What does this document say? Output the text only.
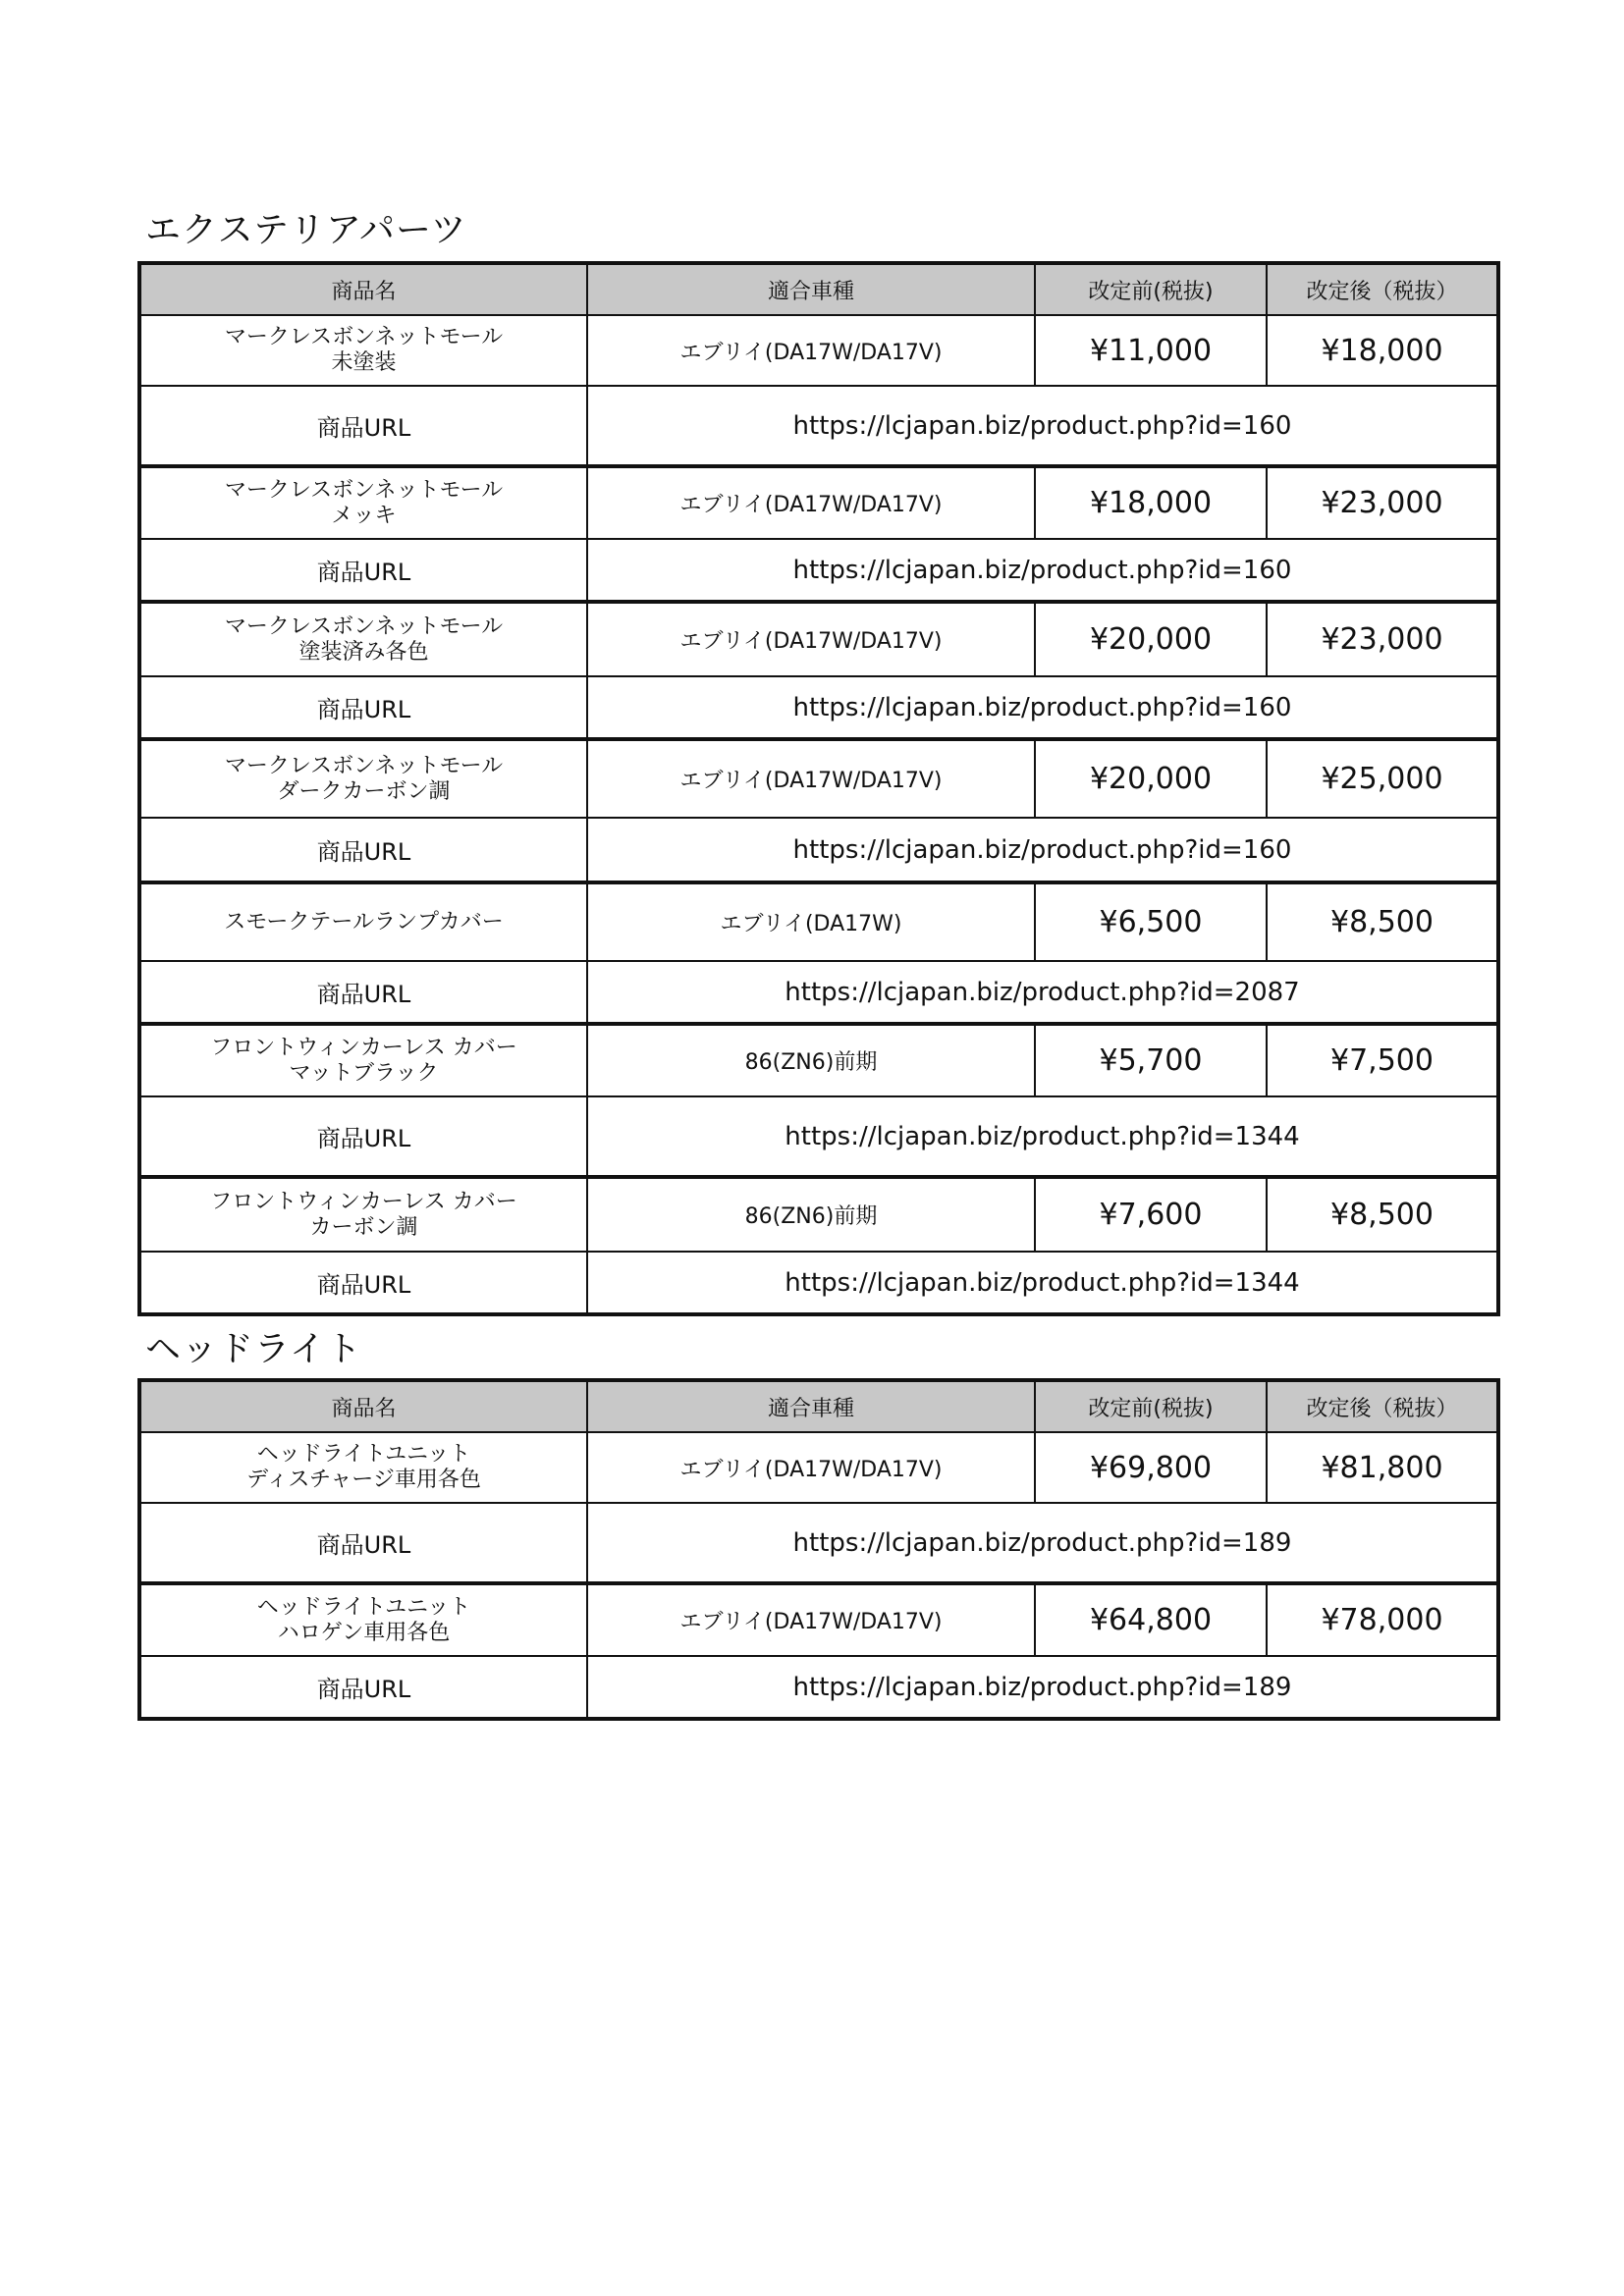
エクステリアパーツ
商品名	適合車種	改定前(税抜)	改定後（税抜）

マークレスボンネットモール
未塗装	エブリイ(DA17W/DA17V)	¥11,000	¥18,000
商品URL	https://lcjapan.biz/product.php?id=160		

マークレスボンネットモール
メッキ	エブリイ(DA17W/DA17V)	¥18,000	¥23,000
商品URL	https://lcjapan.biz/product.php?id=160		

マークレスボンネットモール
塗装済み各色	エブリイ(DA17W/DA17V)	¥20,000	¥23,000
商品URL	https://lcjapan.biz/product.php?id=160		

マークレスボンネットモール
ダークカーボン調	エブリイ(DA17W/DA17V)	¥20,000	¥25,000
商品URL	https://lcjapan.biz/product.php?id=160		

スモークテールランプカバー	エブリイ(DA17W)	¥6,500	¥8,500
商品URL	https://lcjapan.biz/product.php?id=2087		

フロントウィンカーレス カバー
マットブラック	86(ZN6)前期	¥5,700	¥7,500
商品URL	https://lcjapan.biz/product.php?id=1344		

フロントウィンカーレス カバー
カーボン調	86(ZN6)前期	¥7,600	¥8,500
商品URL	https://lcjapan.biz/product.php?id=1344		
ヘッドライト
商品名	適合車種	改定前(税抜)	改定後（税抜）

ヘッドライトユニット
ディスチャージ車用各色	エブリイ(DA17W/DA17V)	¥69,800	¥81,800
商品URL	https://lcjapan.biz/product.php?id=189		

ヘッドライトユニット
ハロゲン車用各色	エブリイ(DA17W/DA17V)	¥64,800	¥78,000
商品URL	https://lcjapan.biz/product.php?id=189		
